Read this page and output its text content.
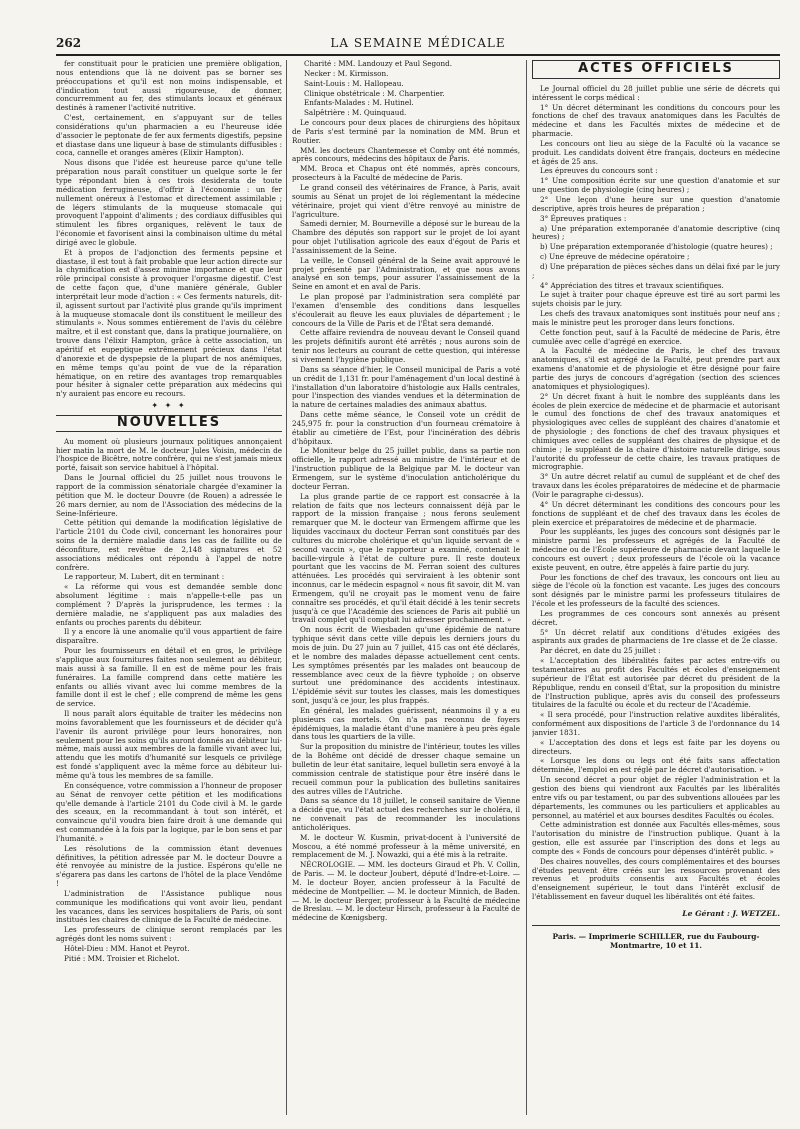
262	LA SEMAINE MÉDICALE

fer constituait pour le praticien une première obligation, nous entendions que là ne doivent pas se borner ses préoccupations et qu'il est non moins indispensable, et d'indication tout aussi rigoureuse, de donner, concurremment au fer, des stimulants locaux et généraux destinés à ramener l'activité nutritive.

C'est, certainement, en s'appuyant sur de telles considérations qu'un pharmacien a eu l'heureuse idée d'associer le peptonate de fer aux ferments digestifs, pepsine et diastase dans une liqueur à base de stimulants diffusibles : coca, cannelle et oranges amères (Elixir Hampton).

Nous disons que l'idée est heureuse parce qu'une telle préparation nous paraît constituer un quelque sorte le fer type répondant bien à ces trois desiderata de toute médication ferrugineuse, d'offrir à l'économie : un fer nullement onéreux à l'estomac et directement assimilable ; de légers stimulants de la muqueuse stomacale qui provoquent l'appoint d'aliments ; des cordiaux diffusibles qui stimulent les fibres organiques, relèvent le taux de l'économie et favorisent ainsi la combinaison ultime du métal dirigé avec le globule.

Et à propos de l'adjonction des ferments pepsine et diastase, il est tout à fait probable que leur action directe sur la chymification est d'assez minime importance et que leur rôle principal consiste à provoquer l'orgasme digestif. C'est de cette façon que, d'une manière générale, Gubler interprétait leur mode d'action : « Ces ferments naturels, dit-il, agissent surtout par l'activité plus grande qu'ils impriment à la muqueuse stomacale dont ils constituent le meilleur des stimulants ». Nous sommes entièrement de l'avis du célèbre maître, et il est constant que, dans la pratique journalière, on trouve dans l'élixir Hampton, grâce à cette association, un apéritif et eupeptique extrêmement précieux dans l'état d'anorexie et de dyspepsie de la plupart de nos anémiques, en même temps qu'au point de vue de la réparation hématique, on en retire des avantages trop remarquables pour hésiter à signaler cette préparation aux médecins qui n'y auraient pas encore eu recours.

✦ ✦ ✦
NOUVELLES

Au moment où plusieurs journaux politiques annonçaient hier matin la mort de M. le docteur Jules Voisin, médecin de l'hospice de Bicêtre, notre confrère, qui ne s'est jamais mieux porté, faisait son service habituel à l'hôpital.

Dans le Journal officiel du 25 juillet nous trouvons le rapport de la commission sénatoriale chargée d'examiner la pétition que M. le docteur Douvre (de Rouen) a adressée le 26 mars dernier, au nom de l'Association des médecins de la Seine-Inférieure.

Cette pétition qui demande la modification législative de l'article 2101 du Code civil, concernant les honoraires pour soins de la dernière maladie dans les cas de faillite ou de déconfiture, est revêtue de 2,148 signatures et 52 associations médicales ont répondu à l'appel de notre confrère.

Le rapporteur, M. Lubert, dit en terminant :

« La réforme qui vous est demandée semble donc absolument légitime : mais n'appelle-t-elle pas un complément ? D'après la jurisprudence, les termes : la dernière maladie, ne s'appliquent pas aux maladies des enfants ou proches parents du débiteur.

Il y a encore là une anomalie qu'il vous appartient de faire disparaître.

Pour les fournisseurs en détail et en gros, le privilège s'applique aux fournitures faites non seulement au débiteur, mais aussi à sa famille. Il en est de même pour les frais funéraires. La famille comprend dans cette matière les enfants ou alliés vivant avec lui comme membres de la famille dont il est le chef ; elle comprend de même les gens de service.

Il nous paraît alors équitable de traiter les médecins non moins favorablement que les fournisseurs et de décider qu'à l'avenir ils auront privilège pour leurs honoraires, non seulement pour les soins qu'ils auront donnés au débiteur lui-même, mais aussi aux membres de la famille vivant avec lui, attendu que les motifs d'humanité sur lesquels ce privilège est fondé s'appliquent avec la même force au débiteur lui-même qu'à tous les membres de sa famille.

En conséquence, votre commission a l'honneur de proposer au Sénat de renvoyer cette pétition et les modifications qu'elle demande à l'article 2101 du Code civil à M. le garde des sceaux, en la recommandant à tout son intérêt, et convaincue qu'il voudra bien faire droit à une demande qui est commandée à la fois par la logique, par le bon sens et par l'humanité. »

Les résolutions de la commission étant devenues définitives, la pétition adressée par M. le docteur Douvre a été renvoyée au ministre de la justice. Espérons qu'elle ne s'égarera pas dans les cartons de l'hôtel de la place Vendôme !

L'administration de l'Assistance publique nous communique les modifications qui vont avoir lieu, pendant les vacances, dans les services hospitaliers de Paris, où sont institués les chaires de clinique de la Faculté de médecine.

Les professeurs de clinique seront remplacés par les agrégés dont les noms suivent :

Hôtel-Dieu : MM. Hanot et Peyrot.

Pitié : MM. Troisier et Richelot.

Charité : MM. Landouzy et Paul Segond.

Necker : M. Kirmisson.

Saint-Louis : M. Hallopeau.

Clinique obstétricale : M. Charpentier.

Enfants-Malades : M. Hutinel.

Salpêtrière : M. Quinquaud.

Le concours pour deux places de chirurgiens des hôpitaux de Paris s'est terminé par la nomination de MM. Brun et Routier.

MM. les docteurs Chantemesse et Comby ont été nommés, après concours, médecins des hôpitaux de Paris.

MM. Broca et Chapus ont été nommés, après concours, prosecteurs à la Faculté de médecine de Paris.

Le grand conseil des vétérinaires de France, à Paris, avait soumis au Sénat un projet de loi réglementant la médecine vétérinaire, projet qui vient d'être renvoyé au ministre de l'agriculture.

Samedi dernier, M. Bourneville a déposé sur le bureau de la Chambre des députés son rapport sur le projet de loi ayant pour objet l'utilisation agricole des eaux d'égout de Paris et l'assainissement de la Seine.

La veille, le Conseil général de la Seine avait approuvé le projet présenté par l'Administration, et que nous avons analysé en son temps, pour assurer l'assainissement de la Seine en amont et en aval de Paris.

Le plan proposé par l'administration sera complété par l'examen d'ensemble des conditions dans lesquelles s'écoulerait au fleuve les eaux pluviales de département ; le concours de la Ville de Paris et de l'État sera demandé.

Cette affaire reviendra de nouveau devant le Conseil quand les projets définitifs auront été arrêtés ; nous aurons soin de tenir nos lecteurs au courant de cette question, qui intéresse si vivement l'hygiène publique.

Dans sa séance d'hier, le Conseil municipal de Paris a voté un crédit de 1,131 fr. pour l'aménagement d'un local destiné à l'installation d'un laboratoire d'histologie aux Halls centrales, pour l'inspection des viandes vendues et la détermination de la nature de certaines maladies des animaux abattus.

Dans cette même séance, le Conseil vote un crédit de 245,975 fr. pour la construction d'un fourneau crématoire à établir au cimetière de l'Est, pour l'incinération des débris d'hôpitaux.

Le Moniteur belge du 25 juillet public, dans sa partie non officielle, le rapport adressé au ministre de l'intérieur et de l'instruction publique de la Belgique par M. le docteur van Ermengem, sur le système d'inoculation anticholérique du docteur Ferran.

La plus grande partie de ce rapport est consacrée à la relation de faits que nos lecteurs connaissent déjà par le rapport de la mission française ; nous ferons seulement remarquer que M. le docteur van Ermengem affirme que les liquides vaccinaux du docteur Ferran sont constitués par des cultures du microbe cholérique et qu'un liquide servant de « second vaccin », que le rapporteur a examiné, contenait le bacille-virgule à l'état de culture pure. Il reste douteux pourtant que les vaccins de M. Ferran soient des cultures atténuées. Les procédés qui serviraient à les obtenir sont inconnus, car le médecin espagnol « nous fit savoir, dit M. van Ermengem, qu'il ne croyait pas le moment venu de faire connaître ses procédés, et qu'il était décidé à les tenir secrets jusqu'à ce que l'Académie des sciences de Paris ait publié un travail complet qu'il comptait lui adresser prochainement. »

On nous écrit de Wiesbaden qu'une épidémie de nature typhique sévit dans cette ville depuis les derniers jours du mois de juin. Du 27 juin au 7 juillet, 415 cas ont été déclarés, et le nombre des malades dépasse actuellement cent cents. Les symptômes présentés par les malades ont beaucoup de ressemblance avec ceux de la fièvre typhoïde ; on observe surtout une prédominance des accidents intestinaux. L'épidémie sévit sur toutes les classes, mais les domestiques sont, jusqu'à ce jour, les plus frappés.

En général, les malades guérissent, néanmoins il y a eu plusieurs cas mortels. On n'a pas reconnu de foyers épidémiques, la maladie étant d'une manière à peu près égale dans tous les quartiers de la ville.

Sur la proposition du ministre de l'intérieur, toutes les villes de la Bohême ont décidé de dresser chaque semaine un bulletin de leur état sanitaire, lequel bulletin sera envoyé à la commission centrale de statistique pour être inséré dans le recueil commun pour la publication des bulletins sanitaires des autres villes de l'Autriche.

Dans sa séance du 18 juillet, le conseil sanitaire de Vienne a décidé que, vu l'état actuel des recherches sur le choléra, il ne convenait pas de recommander les inoculations anticholériques.

M. le docteur W. Kusmin, privat-docent à l'université de Moscou, a été nommé professeur à la même université, en remplacement de M. J. Nowazki, qui a été mis à la retraite.

NÉCROLOGIE. — MM. les docteurs Giraud et Ph. V. Collin, de Paris. — M. le docteur Joubert, député d'Indre-et-Loire. — M. le docteur Boyer, ancien professeur à la Faculté de médecine de Montpellier. — M. le docteur Minnich, de Baden. — M. le docteur Berger, professeur à la Faculté de médecine de Breslau. — M. le docteur Hirsch, professeur à la Faculté de médecine de Kœnigsberg.

ACTES OFFICIELS

Le Journal officiel du 28 juillet publie une série de décrets qui intéressent le corps médical :

1° Un décret déterminant les conditions du concours pour les fonctions de chef des travaux anatomiques dans les Facultés de médecine et dans les Facultés mixtes de médecine et de pharmacie.

Les concours ont lieu au siège de la Faculté où la vacance se produit. Les candidats doivent être français, docteurs en médecine et âgés de 25 ans.

Les épreuves du concours sont :

1° Une composition écrite sur une question d'anatomie et sur une question de physiologie (cinq heures) ;

2° Une leçon d'une heure sur une question d'anatomie descriptive, après trois heures de préparation ;

3° Épreuves pratiques :

a) Une préparation extemporanée d'anatomie descriptive (cinq heures) ;

b) Une préparation extemporanée d'histologie (quatre heures) ;

c) Une épreuve de médecine opératoire ;

d) Une préparation de pièces sèches dans un délai fixé par le jury ;

4° Appréciation des titres et travaux scientifiques.

Le sujet à traiter pour chaque épreuve est tiré au sort parmi les sujets choisis par le jury.

Les chefs des travaux anatomiques sont institués pour neuf ans ; mais le ministre peut les proroger dans leurs fonctions.

Cette fonction peut, sauf à la Faculté de médecine de Paris, être cumulée avec celle d'agrégé en exercice.

A la Faculté de médecine de Paris, le chef des travaux anatomiques, s'il est agrégé de la Faculté, peut prendre part aux examens d'anatomie et de physiologie et être désigné pour faire partie des jurys de concours d'agrégation (section des sciences anatomiques et physiologiques).

2° Un décret fixant à huit le nombre des suppléants dans les écoles de plein exercice de médecine et de pharmacie et autorisant le cumul des fonctions de chef des travaux anatomiques et physiologiques avec celles de suppléant des chaires d'anatomie et de physiologie ; des fonctions de chef des travaux physiques et chimiques avec celles de suppléant des chaires de physique et de chimie ; le suppléant de la chaire d'histoire naturelle dirige, sous l'autorité du professeur de cette chaire, les travaux pratiques de micrographie.

3° Un autre décret relatif au cumul de suppléant et de chef des travaux dans les écoles préparatoires de médecine et de pharmacie (Voir le paragraphe ci-dessus).

4° Un décret déterminant les conditions des concours pour les fonctions de suppléant et de chef des travaux dans les écoles de plein exercice et préparatoires de médecine et de pharmacie.

Pour les suppléants, les juges des concours sont désignés par le ministre parmi les professeurs et agrégés de la Faculté de médecine ou de l'École supérieure de pharmacie devant laquelle le concours est ouvert ; deux professeurs de l'école où la vacance existe peuvent, en outre, être appelés à faire partie du jury.

Pour les fonctions de chef des travaux, les concours ont lieu au siège de l'école où la fonction est vacante. Les juges des concours sont désignés par le ministre parmi les professeurs titulaires de l'école et les professeurs de la faculté des sciences.

Les programmes de ces concours sont annexés au présent décret.

5° Un décret relatif aux conditions d'études exigées des aspirants aux grades de pharmaciens de 1re classe et de 2e classe.

Par décret, en date du 25 juillet :

« L'acceptation des libéralités faites par actes entre-vifs ou testamentaires au profit des Facultés et écoles d'enseignement supérieur de l'État est autorisée par décret du président de la République, rendu en conseil d'État, sur la proposition du ministre de l'Instruction publique, après avis du conseil des professeurs titulaires de la faculté ou école et du recteur de l'Académie.

« Il sera procédé, pour l'instruction relative auxdites libéralités, conformément aux dispositions de l'article 3 de l'ordonnance du 14 janvier 1831.

« L'acceptation des dons et legs est faite par les doyens ou directeurs.

« Lorsque les dons ou legs ont été faits sans affectation déterminée, l'emploi en est réglé par le décret d'autorisation. »

Un second décret a pour objet de régler l'administration et la gestion des biens qui viendront aux Facultés par les libéralités entre vifs ou par testament, ou par des subventions allouées par les départements, les communes ou les particuliers et applicables au personnel, au matériel et aux bourses desdites Facultés ou écoles.

Cette administration est donnée aux Facultés elles-mêmes, sous l'autorisation du ministre de l'instruction publique. Quant à la gestion, elle est assurée par l'inscription des dons et legs au compte des « Fonds de concours pour dépenses d'intérêt public. »

Des chaires nouvelles, des cours complémentaires et des bourses d'études peuvent être créés sur les ressources provenant des revenus et produits consentis aux Facultés et écoles d'enseignement supérieur, le tout dans l'intérêt exclusif de l'établissement en faveur duquel les libéralités ont été faites.

Le Gérant : J. WETZEL.
Paris. — Imprimerie SCHILLER, rue du Faubourg-
Montmartre, 10 et 11.
